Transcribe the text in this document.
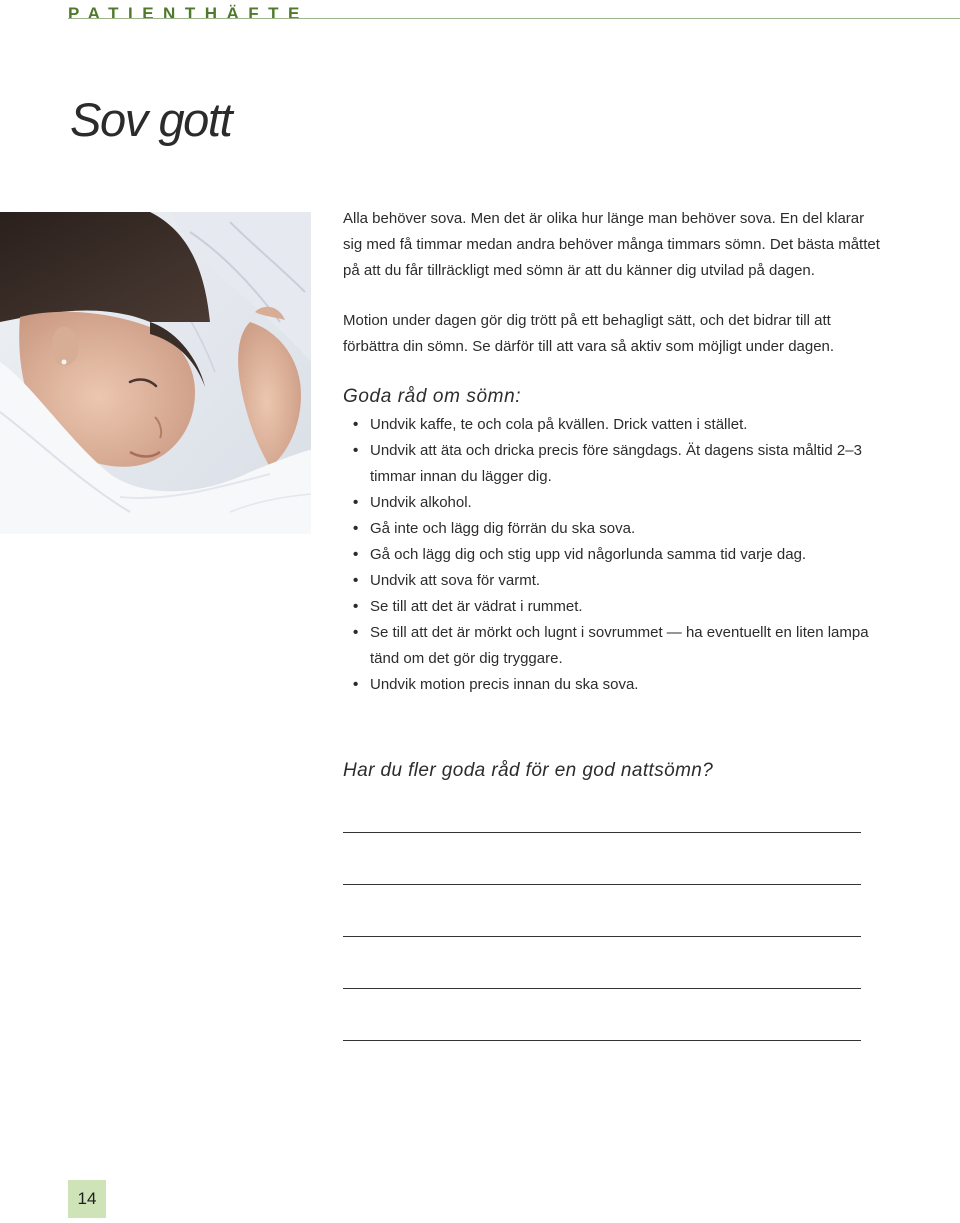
PATIENTHÄFTE
Sov gott

Alla behöver sova. Men det är olika hur länge man behöver sova. En del klarar sig med få timmar medan andra behöver många timmars sömn. Det bästa måttet på att du får tillräckligt med sömn är att du känner dig utvilad på dagen.

Motion under dagen gör dig trött på ett behagligt sätt, och det bidrar till att förbättra din sömn. Se därför till att vara så aktiv som möjligt under dagen.

Goda råd om sömn:
• Undvik kaffe, te och cola på kvällen. Drick vatten i stället.
• Undvik att äta och dricka precis före sängdags. Ät dagens sista måltid 2–3 timmar innan du lägger dig.
• Undvik alkohol.
• Gå inte och lägg dig förrän du ska sova.
• Gå och lägg dig och stig upp vid någorlunda samma tid varje dag.
• Undvik att sova för varmt.
• Se till att det är vädrat i rummet.
• Se till att det är mörkt och lugnt i sovrummet — ha eventuellt en liten lampa tänd om det gör dig tryggare.
• Undvik motion precis innan du ska sova.
Har du fler goda råd för en god nattsömn?
14
